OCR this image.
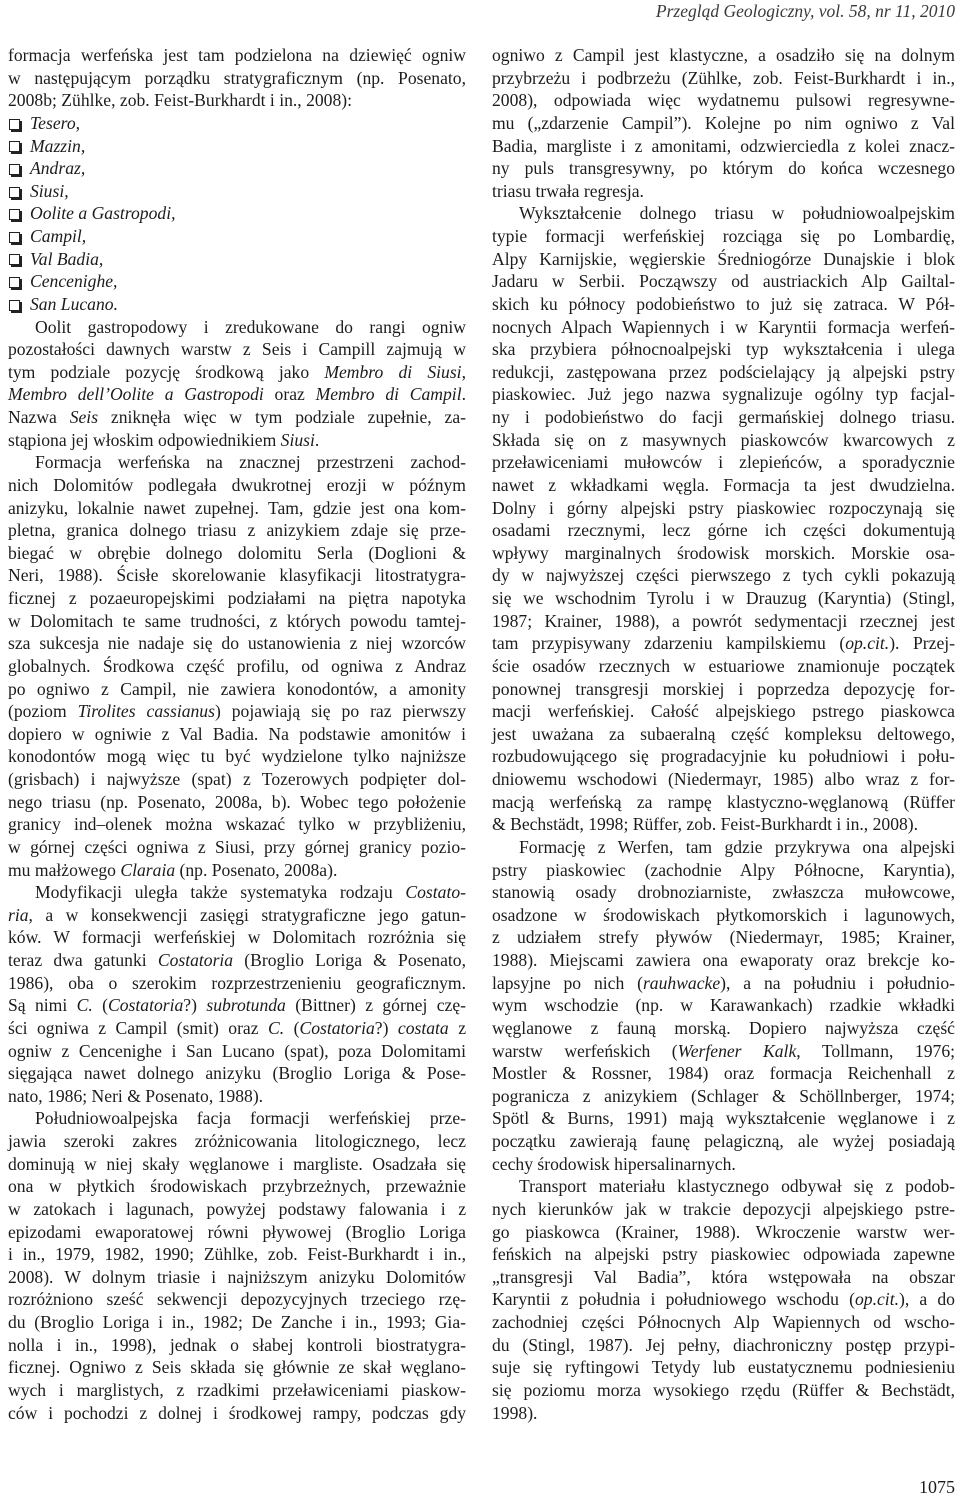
Przegląd Geologiczny, vol. 58, nr 11, 2010
formacja werfeńska jest tam podzielona na dziewięć ogniw
w następującym porządku stratygraficznym (np. Posenato,
2008b; Zühlke, zob. Feist-Burkhardt i in., 2008):
Tesero,
Mazzin,
Andraz,
Siusi,
Oolite a Gastropodi,
Campil,
Val Badia,
Cencenighe,
San Lucano.
Oolit gastropodowy i zredukowane do rangi ogniw
pozostałości dawnych warstw z Seis i Campill zajmują w
tym podziale pozycję środkową jako Membro di Siusi,
Membro dell’Oolite a Gastropodi oraz Membro di Campil.
Nazwa Seis zniknęła więc w tym podziale zupełnie, za-
stąpiona jej włoskim odpowiednikiem Siusi.
Formacja werfeńska na znacznej przestrzeni zachod-
nich Dolomitów podlegała dwukrotnej erozji w późnym
anizyku, lokalnie nawet zupełnej. Tam, gdzie jest ona kom-
pletna, granica dolnego triasu z anizykiem zdaje się prze-
biegać w obrębie dolnego dolomitu Serla (Doglioni &
Neri, 1988). Ścisłe skorelowanie klasyfikacji litostratygra-
ficznej z pozaeuropejskimi podziałami na piętra napotyka
w Dolomitach te same trudności, z których powodu tamtej-
sza sukcesja nie nadaje się do ustanowienia z niej wzorców
globalnych. Środkowa część profilu, od ogniwa z Andraz
po ogniwo z Campil, nie zawiera konodontów, a amonity
(poziom Tirolites cassianus) pojawiają się po raz pierwszy
dopiero w ogniwie z Val Badia. Na podstawie amonitów i
konodontów mogą więc tu być wydzielone tylko najniższe
(grisbach) i najwyższe (spat) z Tozerowych podpięter dol-
nego triasu (np. Posenato, 2008a, b). Wobec tego położenie
granicy ind–olenek można wskazać tylko w przybliżeniu,
w górnej części ogniwa z Siusi, przy górnej granicy pozio-
mu małżowego Claraia (np. Posenato, 2008a).
Modyfikacji uległa także systematyka rodzaju Costato-
ria, a w konsekwencji zasięgi stratygraficzne jego gatun-
ków. W formacji werfeńskiej w Dolomitach rozróżnia się
teraz dwa gatunki Costatoria (Broglio Loriga & Posenato,
1986), oba o szerokim rozprzestrzenieniu geograficznym.
Są nimi C. (Costatoria?) subrotunda (Bittner) z górnej czę-
ści ogniwa z Campil (smit) oraz C. (Costatoria?) costata z
ogniw z Cencenighe i San Lucano (spat), poza Dolomitami
sięgająca nawet dolnego anizyku (Broglio Loriga & Pose-
nato, 1986; Neri & Posenato, 1988).
Południowoalpejska facja formacji werfeńskiej prze-
jawia szeroki zakres zróżnicowania litologicznego, lecz
dominują w niej skały węglanowe i margliste. Osadzała się
ona w płytkich środowiskach przybrzeżnych, przeważnie
w zatokach i lagunach, powyżej podstawy falowania i z
epizodami ewaporatowej równi pływowej (Broglio Loriga
i in., 1979, 1982, 1990; Zühlke, zob. Feist-Burkhardt i in.,
2008). W dolnym triasie i najniższym anizyku Dolomitów
rozróżniono sześć sekwencji depozycyjnych trzeciego rzę-
du (Broglio Loriga i in., 1982; De Zanche i in., 1993; Gia-
nolla i in., 1998), jednak o słabej kontroli biostratygra-
ficznej. Ogniwo z Seis składa się głównie ze skał węglano-
wych i marglistych, z rzadkimi przeławiceniami piaskow-
ców i pochodzi z dolnej i środkowej rampy, podczas gdy
ogniwo z Campil jest klastyczne, a osadziło się na dolnym
przybrzeżu i podbrzeżu (Zühlke, zob. Feist-Burkhardt i in.,
2008), odpowiada więc wydatnemu pulsowi regresywne-
mu („zdarzenie Campil”). Kolejne po nim ogniwo z Val
Badia, margliste i z amonitami, odzwierciedla z kolei znacz-
ny puls transgresywny, po którym do końca wczesnego
triasu trwała regresja.
Wykształcenie dolnego triasu w południowoalpejskim
typie formacji werfeńskiej rozciąga się po Lombardię,
Alpy Karnijskie, węgierskie Średniogórze Dunajskie i blok
Jadaru w Serbii. Począwszy od austriackich Alp Gailtal-
skich ku północy podobieństwo to już się zatraca. W Pół-
nocnych Alpach Wapiennych i w Karyntii formacja werfeń-
ska przybiera północnoalpejski typ wykształcenia i ulega
redukcji, zastępowana przez podścielający ją alpejski pstry
piaskowiec. Już jego nazwa sygnalizuje ogólny typ facjal-
ny i podobieństwo do facji germańskiej dolnego triasu.
Składa się on z masywnych piaskowców kwarcowych z
przeławiceniami mułowców i zlepieńców, a sporadycznie
nawet z wkładkami węgla. Formacja ta jest dwudzielna.
Dolny i górny alpejski pstry piaskowiec rozpoczynają się
osadami rzecznymi, lecz górne ich części dokumentują
wpływy marginalnych środowisk morskich. Morskie osa-
dy w najwyższej części pierwszego z tych cykli pokazują
się we wschodnim Tyrolu i w Drauzug (Karyntia) (Stingl,
1987; Krainer, 1988), a powrót sedymentacji rzecznej jest
tam przypisywany zdarzeniu kampilskiemu (op.cit.). Przej-
ście osadów rzecznych w estuariowe znamionuje początek
ponownej transgresji morskiej i poprzedza depozycję for-
macji werfeńskiej. Całość alpejskiego pstrego piaskowca
jest uważana za subaeralną część kompleksu deltowego,
rozbudowującego się progradacyjnie ku południowi i połu-
dniowemu wschodowi (Niedermayr, 1985) albo wraz z for-
macją werfeńską za rampę klastyczno-węglanową (Rüffer
& Bechstädt, 1998; Rüffer, zob. Feist-Burkhardt i in., 2008).
Formację z Werfen, tam gdzie przykrywa ona alpejski
pstry piaskowiec (zachodnie Alpy Północne, Karyntia),
stanowią osady drobnoziarniste, zwłaszcza mułowcowe,
osadzone w środowiskach płytkomorskich i lagunowych,
z udziałem strefy pływów (Niedermayr, 1985; Krainer,
1988). Miejscami zawiera ona ewaporaty oraz brekcje ko-
lapsyjne po nich (rauhwacke), a na południu i południo-
wym wschodzie (np. w Karawankach) rzadkie wkładki
węglanowe z fauną morską. Dopiero najwyższa część
warstw werfeńskich (Werfener Kalk, Tollmann, 1976;
Mostler & Rossner, 1984) oraz formacja Reichenhall z
pogranicza z anizykiem (Schlager & Schöllnberger, 1974;
Spötl & Burns, 1991) mają wykształcenie węglanowe i z
początku zawierają faunę pelagiczną, ale wyżej posiadają
cechy środowisk hipersalinarnych.
Transport materiału klastycznego odbywał się z podob-
nych kierunków jak w trakcie depozycji alpejskiego pstre-
go piaskowca (Krainer, 1988). Wkroczenie warstw wer-
feńskich na alpejski pstry piaskowiec odpowiada zapewne
„transgresji Val Badia”, która wstępowała na obszar
Karyntii z południa i południowego wschodu (op.cit.), a do
zachodniej części Północnych Alp Wapiennych od wscho-
du (Stingl, 1987). Jej pełny, diachroniczny postęp przypi-
suje się ryftingowi Tetydy lub eustatycznemu podniesieniu
się poziomu morza wysokiego rzędu (Rüffer & Bechstädt,
1998).
1075
